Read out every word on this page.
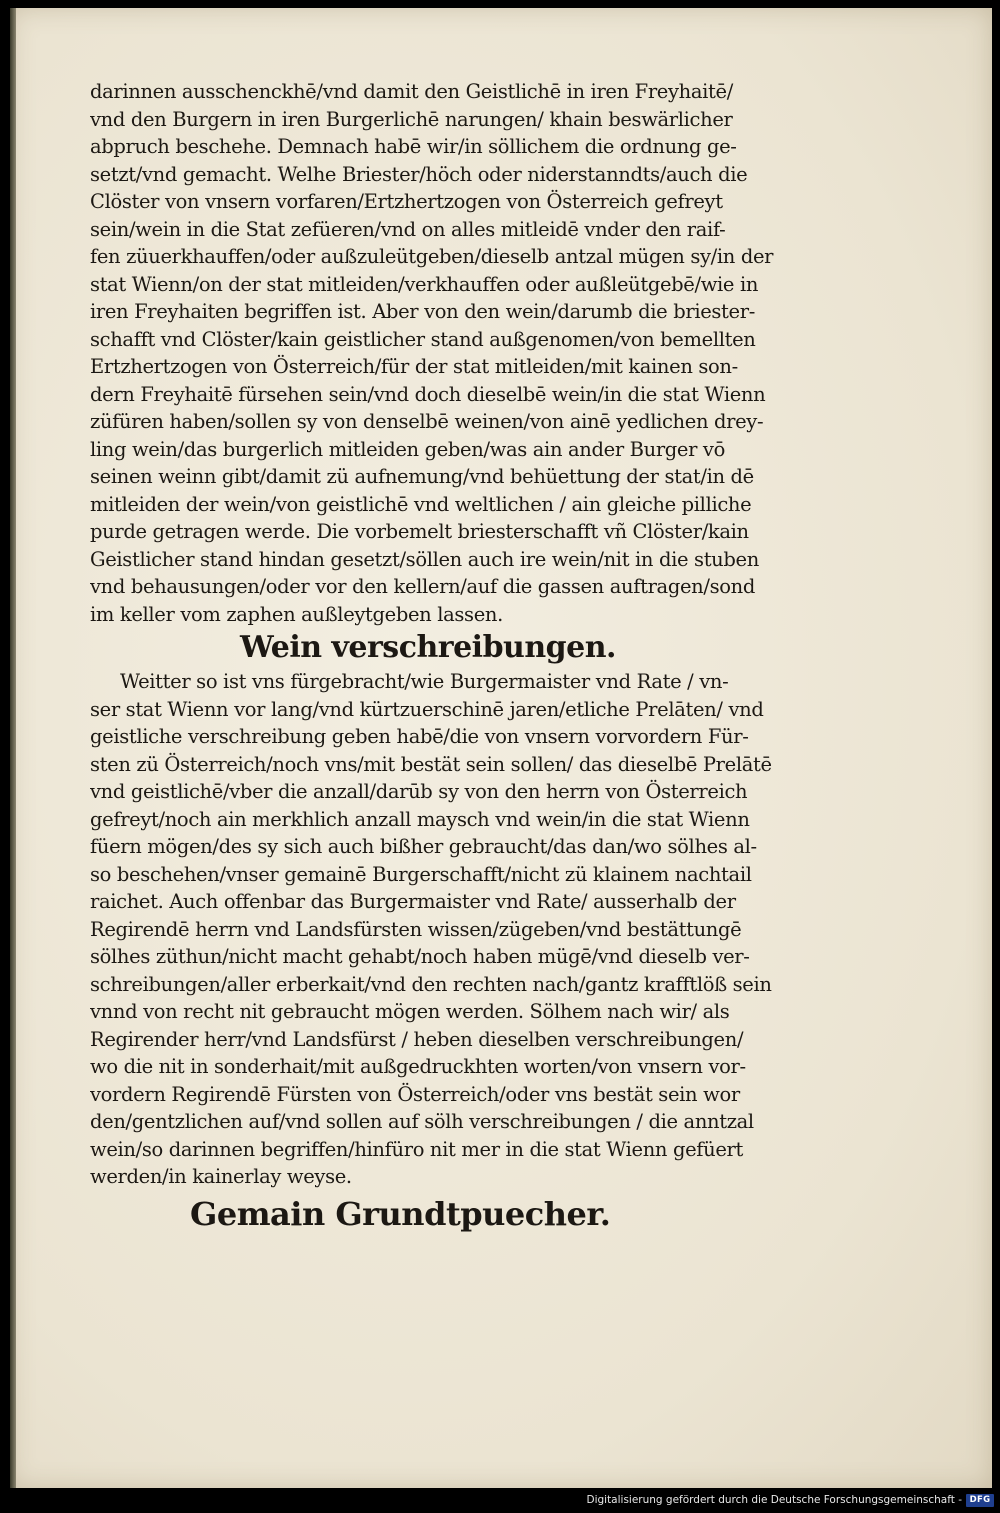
darinnen ausschenckhē/vnd damit den Geistlichē in iren Freyhaitē/
vnd den Burgern in iren Burgerlichē narungen/ khain beswärlicher
abpruch beschehe. Demnach habē wir/in söllichem die ordnung ge-
setzt/vnd gemacht. Welhe Briester/höch oder niderstanndts/auch die
Clöster von vnsern vorfaren/Ertzhertzogen von Österreich gefreyt
sein/wein in die Stat zefüeren/vnd on alles mitleidē vnder den raif-
fen züuerkhauffen/oder außzuleütgeben/dieselb antzal mügen sy/in der
stat Wienn/on der stat mitleiden/verkhauffen oder außleütgebē/wie in
iren Freyhaiten begriffen ist. Aber von den wein/darumb die briester-
schafft vnd Clöster/kain geistlicher stand außgenomen/von bemellten
Ertzhertzogen von Österreich/für der stat mitleiden/mit kainen son-
dern Freyhaitē fürsehen sein/vnd doch dieselbē wein/in die stat Wienn
züfüren haben/sollen sy von denselbē weinen/von ainē yedlichen drey-
ling wein/das burgerlich mitleiden geben/was ain ander Burger vō
seinen weinn gibt/damit zü aufnemung/vnd behüettung der stat/in dē
mitleiden der wein/von geistlichē vnd weltlichen / ain gleiche pilliche
purde getragen werde. Die vorbemelt briesterschafft vñ Clöster/kain
Geistlicher stand hindan gesetzt/söllen auch ire wein/nit in die stuben
vnd behausungen/oder vor den kellern/auf die gassen auftragen/sond
im keller vom zaphen außleytgeben lassen.
Wein verschreibungen.
Weitter so ist vns fürgebracht/wie Burgermaister vnd Rate / vn-
ser stat Wienn vor lang/vnd kürtzuerschinē jaren/etliche Prelāten/ vnd
geistliche verschreibung geben habē/die von vnsern vorvordern Für-
sten zü Österreich/noch vns/mit bestät sein sollen/ das dieselbē Prelātē
vnd geistlichē/vber die anzall/darūb sy von den herrn von Österreich
gefreyt/noch ain merkhlich anzall maysch vnd wein/in die stat Wienn
füern mögen/des sy sich auch bißher gebraucht/das dan/wo sölhes al-
so beschehen/vnser gemainē Burgerschafft/nicht zü klainem nachtail
raichet. Auch offenbar das Burgermaister vnd Rate/ ausserhalb der
Regirendē herrn vnd Landsfürsten wissen/zügeben/vnd bestättungē
sölhes züthun/nicht macht gehabt/noch haben mügē/vnd dieselb ver-
schreibungen/aller erberkait/vnd den rechten nach/gantz krafftlöß sein
vnnd von recht nit gebraucht mögen werden. Sölhem nach wir/ als
Regirender herr/vnd Landsfürst / heben dieselben verschreibungen/
wo die nit in sonderhait/mit außgedruckhten worten/von vnsern vor-
vordern Regirendē Fürsten von Österreich/oder vns bestät sein wor
den/gentzlichen auf/vnd sollen auf sölh verschreibungen / die anntzal
wein/so darinnen begriffen/hinfüro nit mer in die stat Wienn gefüert
werden/in kainerlay weyse.
Gemain Grundtpuecher.
Digitalisierung gefördert durch die Deutsche Forschungsgemeinschaft - DFG
